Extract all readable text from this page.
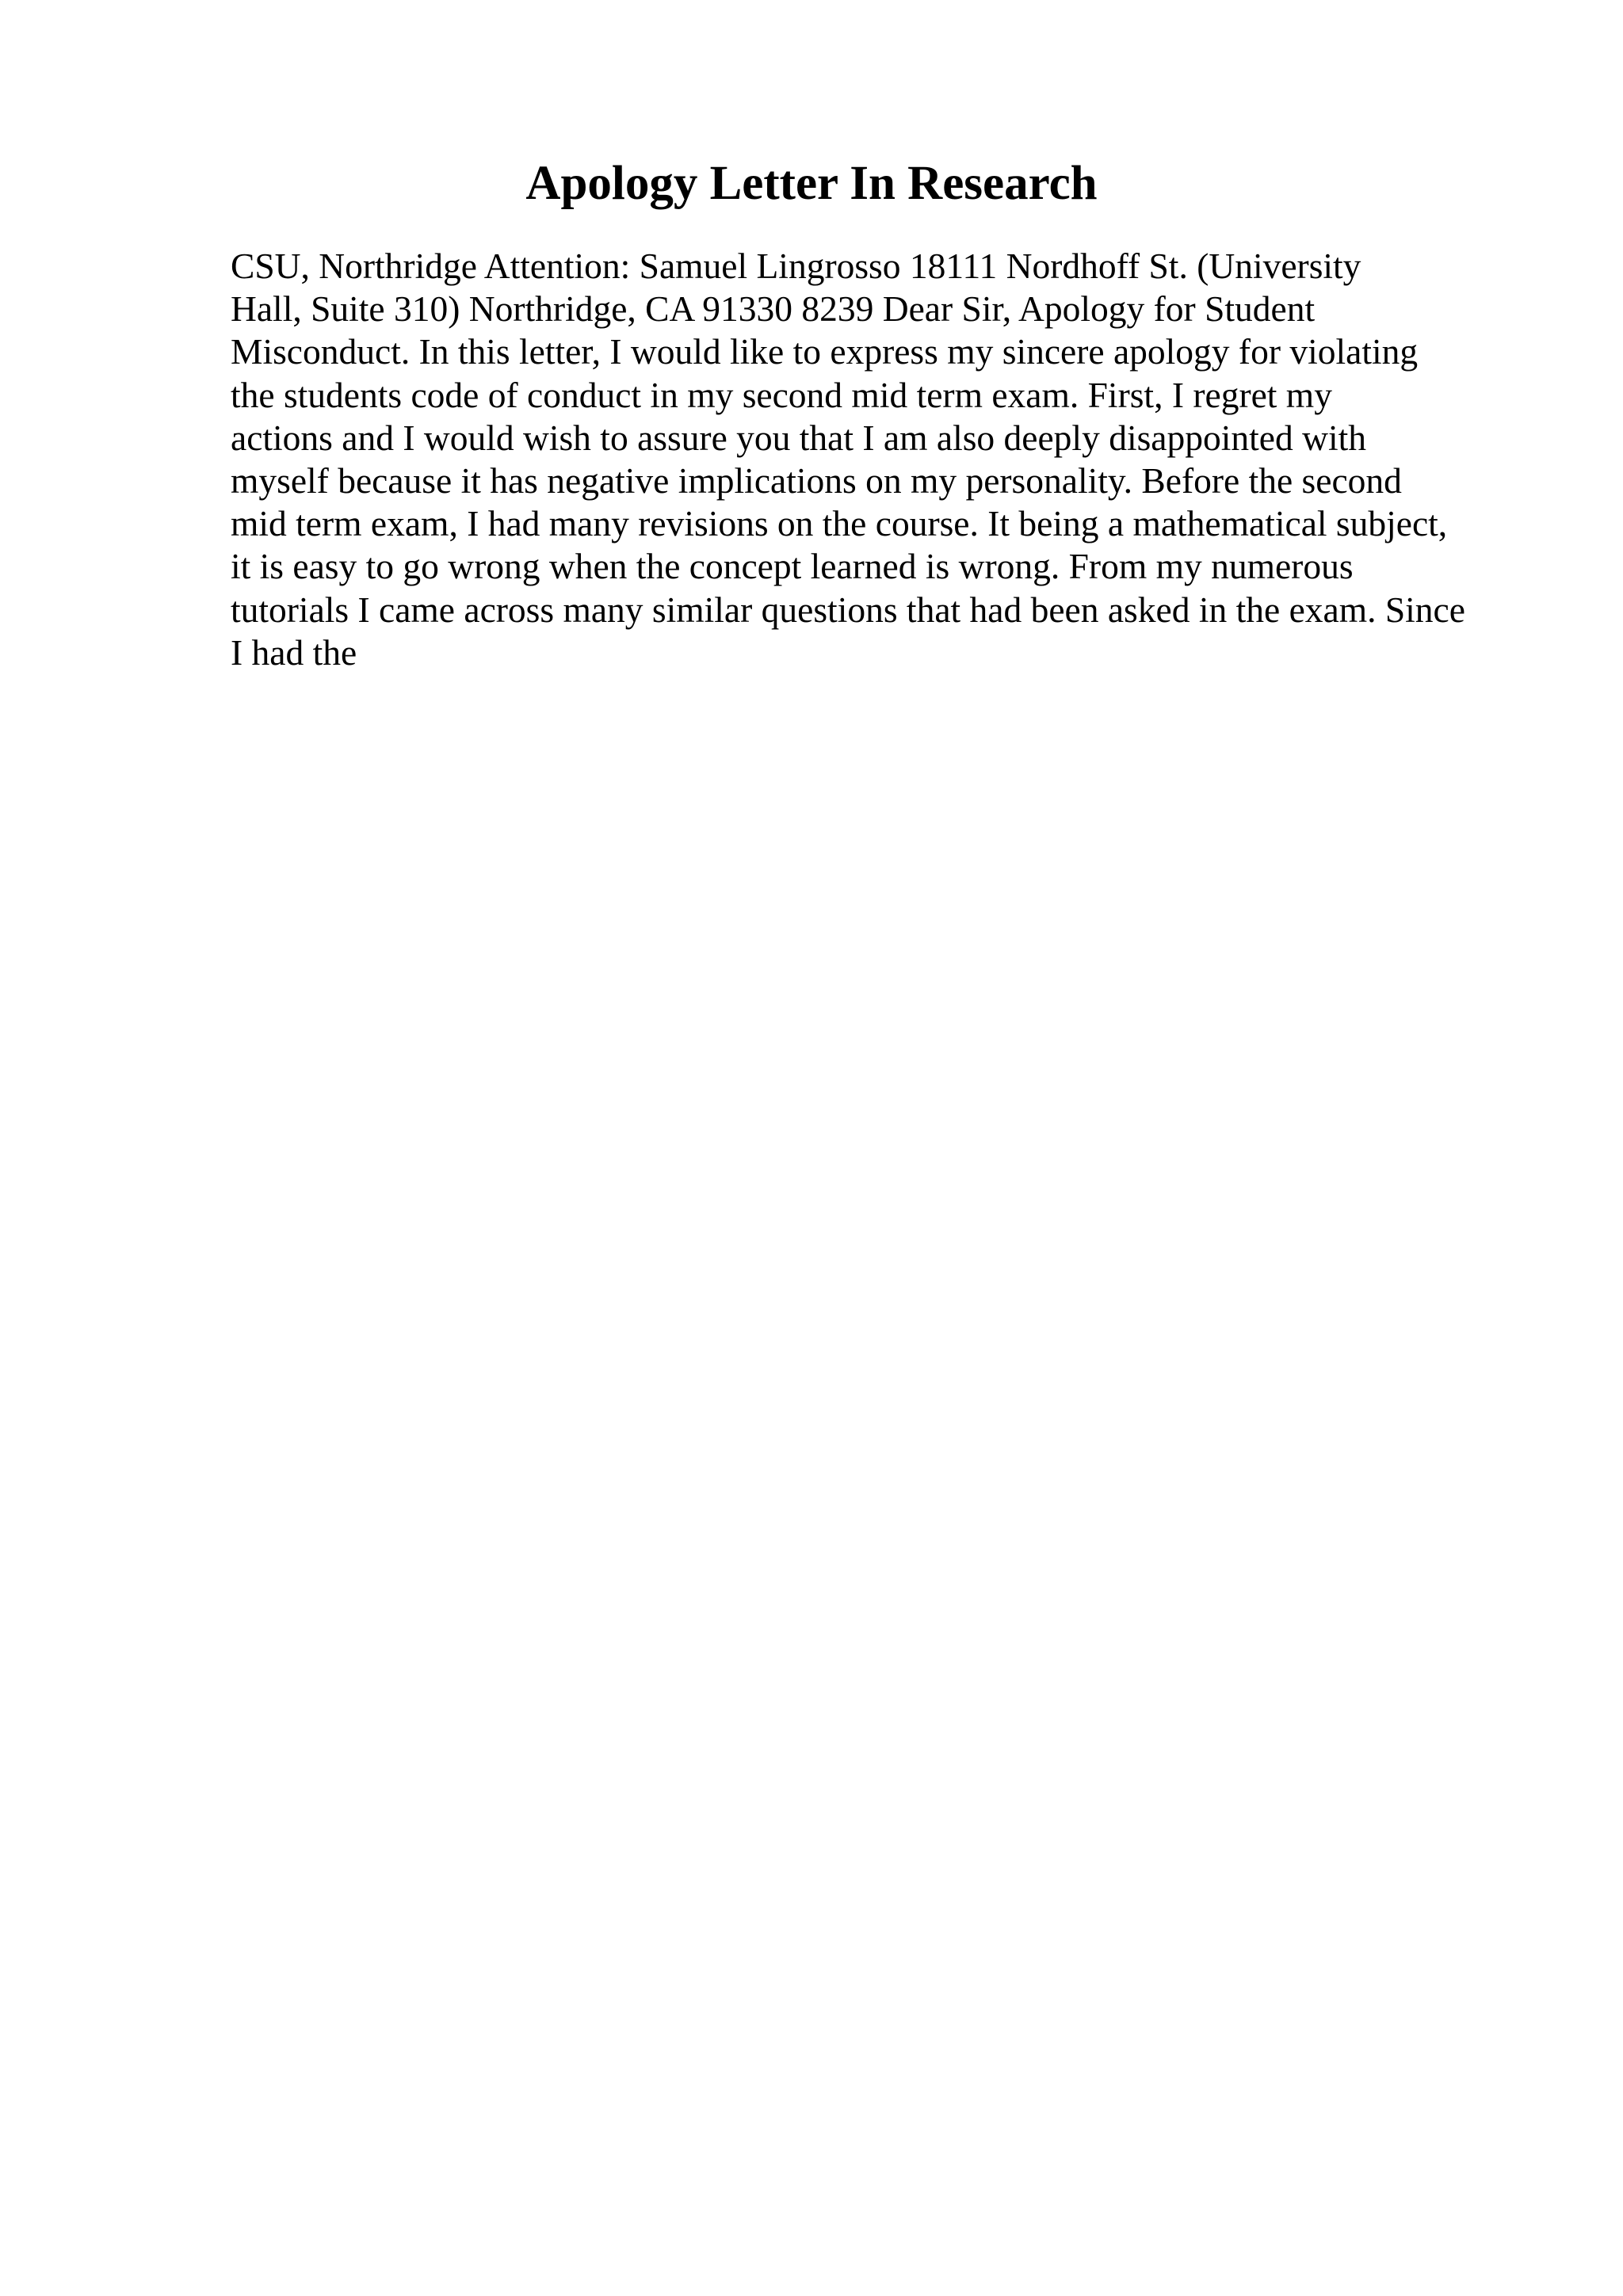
Apology Letter In Research

CSU, Northridge Attention: Samuel Lingrosso 18111 Nordhoff St. (University
Hall, Suite 310) Northridge, CA 91330 8239 Dear Sir, Apology for Student
Misconduct. In this letter, I would like to express my sincere apology for violating
the students code of conduct in my second mid term exam. First, I regret my
actions and I would wish to assure you that I am also deeply disappointed with
myself because it has negative implications on my personality. Before the second
mid term exam, I had many revisions on the course. It being a mathematical subject,
it is easy to go wrong when the concept learned is wrong. From my numerous
tutorials I came across many similar questions that had been asked in the exam. Since
I had the
